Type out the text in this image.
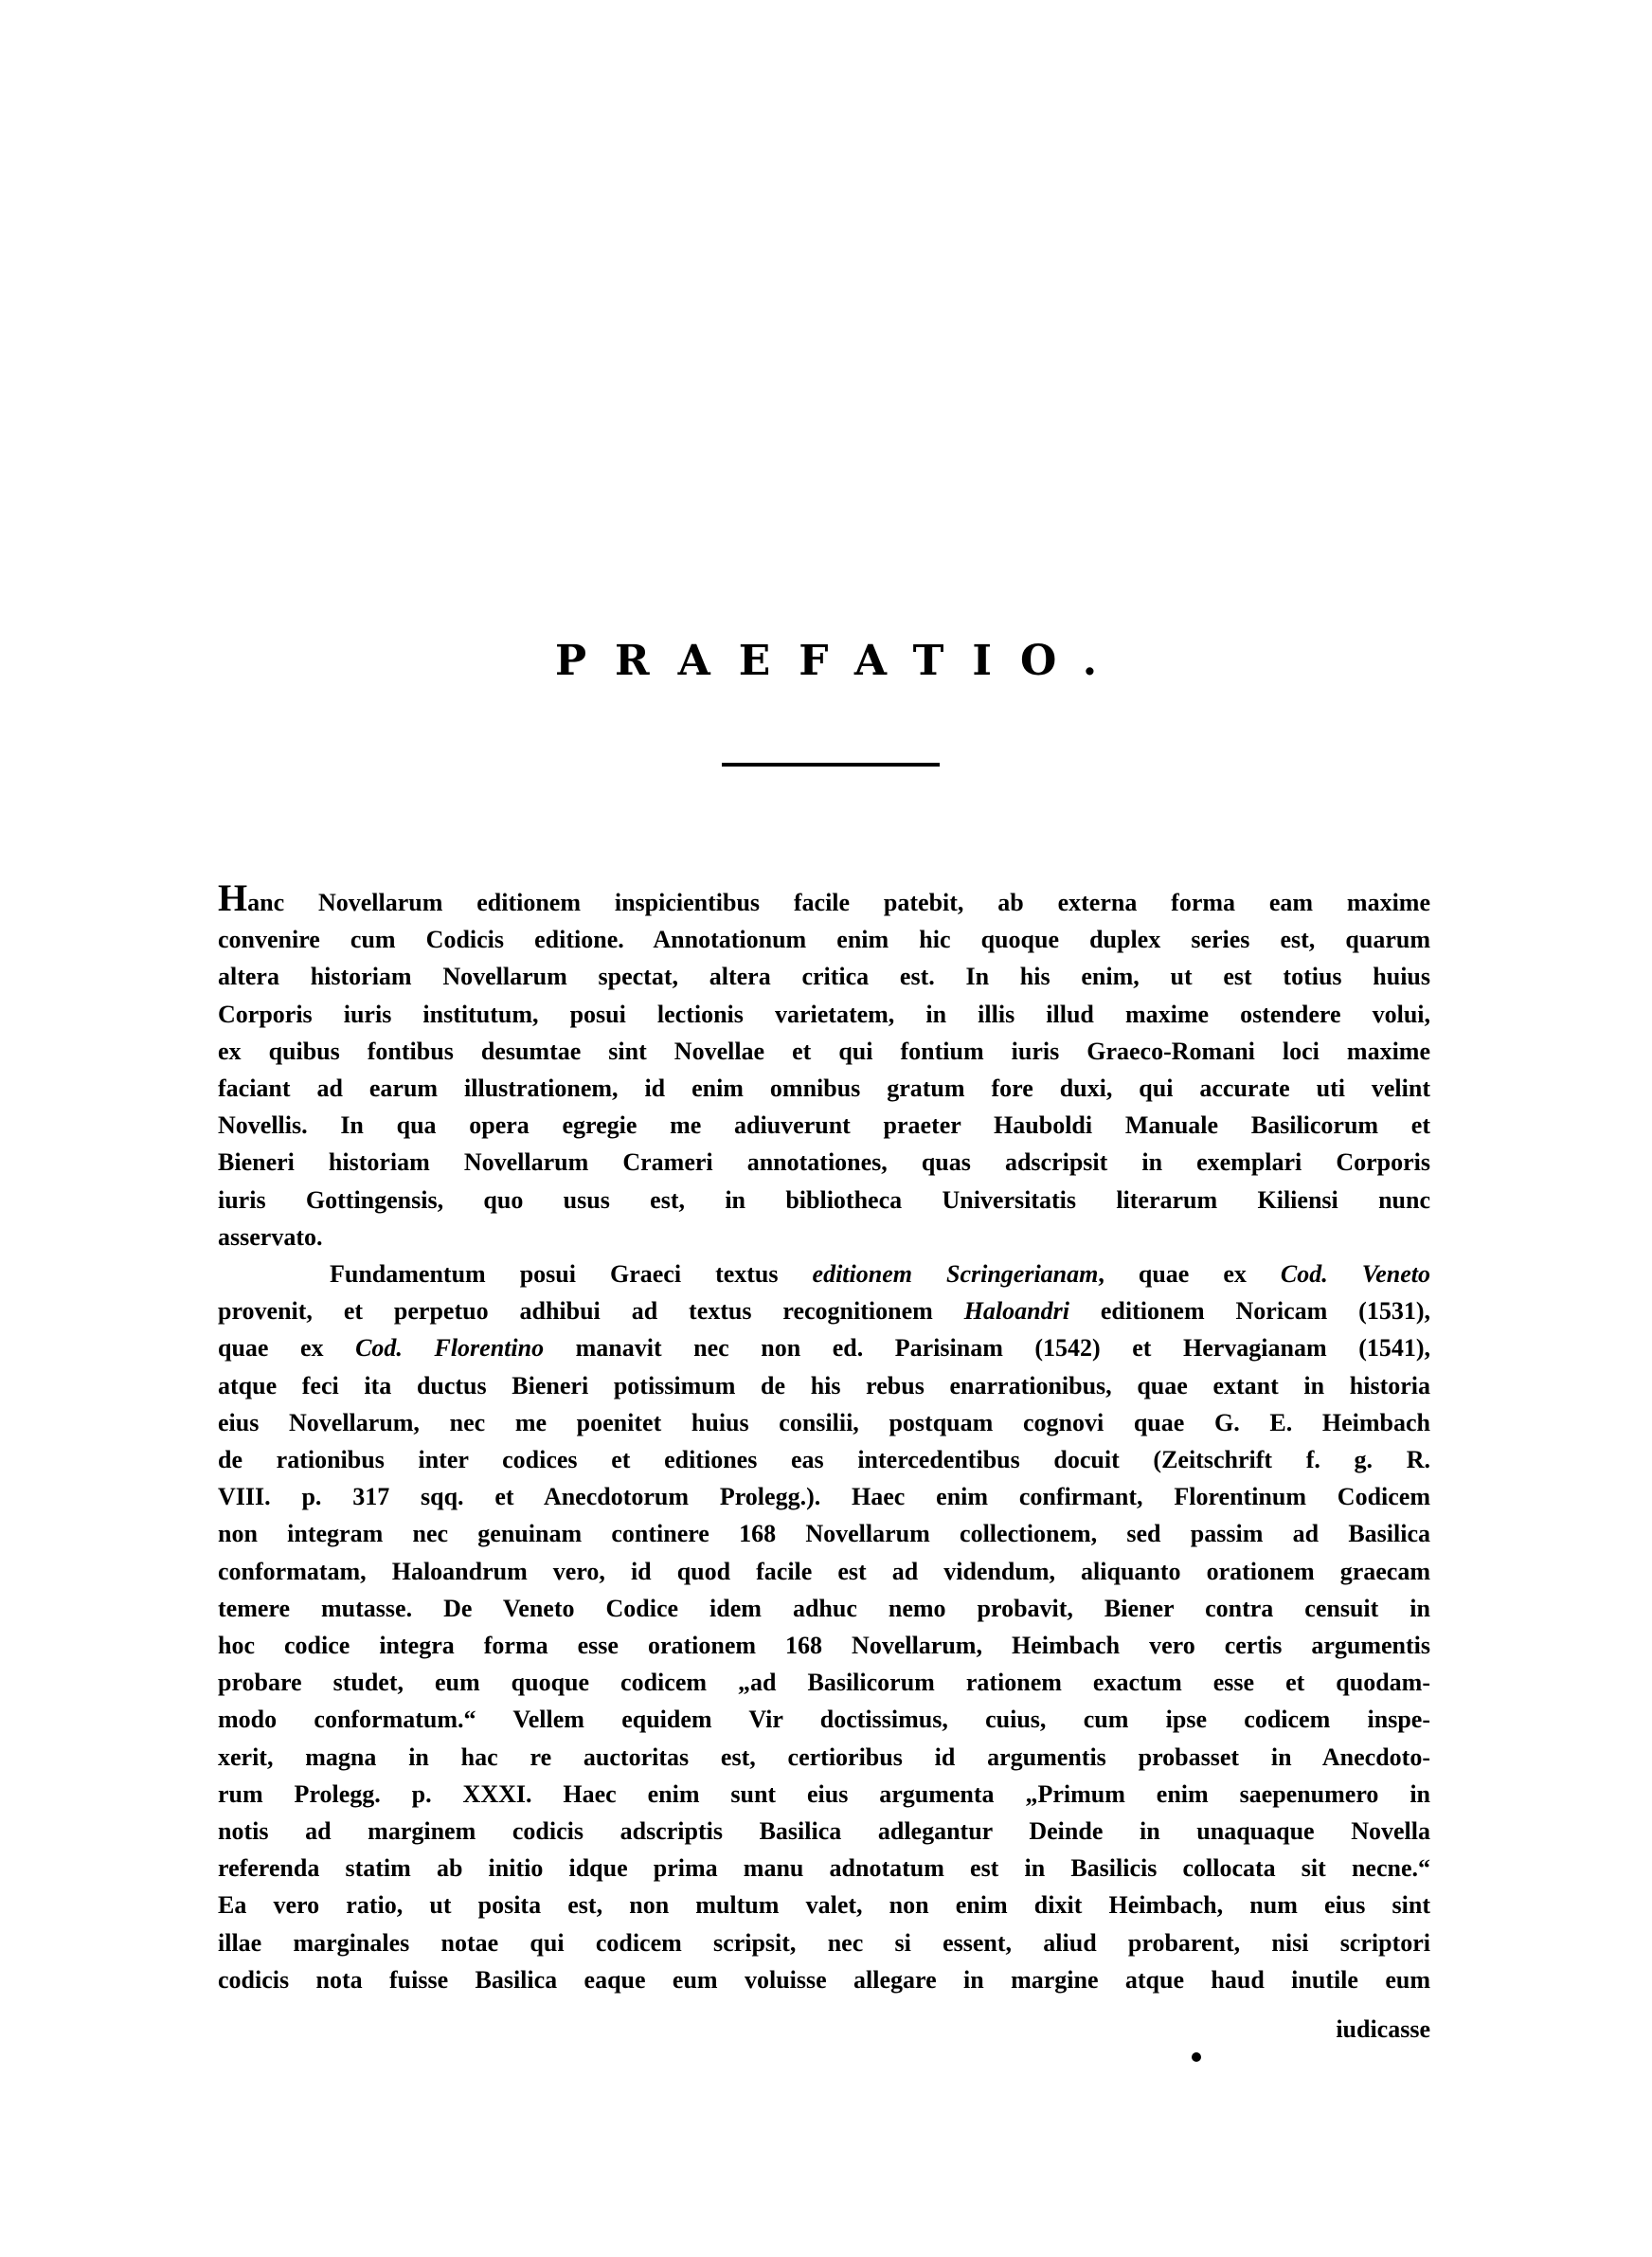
PRAEFATIO.

Hanc Novellarum editionem inspicientibus facile patebit, ab externa forma eam maxime
convenire cum Codicis editione. Annotationum enim hic quoque duplex series est, quarum
altera historiam Novellarum spectat, altera critica est. In his enim, ut est totius huius
Corporis iuris institutum, posui lectionis varietatem, in illis illud maxime ostendere volui,
ex quibus fontibus desumtae sint Novellae et qui fontium iuris Graeco-Romani loci maxime
faciant ad earum illustrationem, id enim omnibus gratum fore duxi, qui accurate uti velint
Novellis. In qua opera egregie me adiuverunt praeter Hauboldi Manuale Basilicorum et
Bieneri historiam Novellarum Crameri annotationes, quas adscripsit in exemplari Corporis
iuris Gottingensis, quo usus est, in bibliotheca Universitatis literarum Kiliensi nunc
asservato.

Fundamentum posui Graeci textus editionem Scringerianam, quae ex Cod. Veneto
provenit, et perpetuo adhibui ad textus recognitionem Haloandri editionem Noricam (1531),
quae ex Cod. Florentino manavit nec non ed. Parisinam (1542) et Hervagianam (1541),
atque feci ita ductus Bieneri potissimum de his rebus enarrationibus, quae extant in historia
eius Novellarum, nec me poenitet huius consilii, postquam cognovi quae G. E. Heimbach
de rationibus inter codices et editiones eas intercedentibus docuit (Zeitschrift f. g. R.
VIII. p. 317 sqq. et Anecdotorum Prolegg.). Haec enim confirmant, Florentinum Codicem
non integram nec genuinam continere 168 Novellarum collectionem, sed passim ad Basilica
conformatam, Haloandrum vero, id quod facile est ad videndum, aliquanto orationem graecam
temere mutasse. De Veneto Codice idem adhuc nemo probavit, Biener contra censuit in
hoc codice integra forma esse orationem 168 Novellarum, Heimbach vero certis argumentis
probare studet, eum quoque codicem „ad Basilicorum rationem exactum esse et quodam-
modo conformatum.“ Vellem equidem Vir doctissimus, cuius, cum ipse codicem inspe-
xerit, magna in hac re auctoritas est, certioribus id argumentis probasset in Anecdoto-
rum Prolegg. p. XXXI. Haec enim sunt eius argumenta „Primum enim saepenumero in
notis ad marginem codicis adscriptis Basilica adlegantur Deinde in unaquaque Novella
referenda statim ab initio idque prima manu adnotatum est in Basilicis collocata sit necne.“
Ea vero ratio, ut posita est, non multum valet, non enim dixit Heimbach, num eius sint
illae marginales notae qui codicem scripsit, nec si essent, aliud probarent, nisi scriptori
codicis nota fuisse Basilica eaque eum voluisse allegare in margine atque haud inutile eum

iudicasse
